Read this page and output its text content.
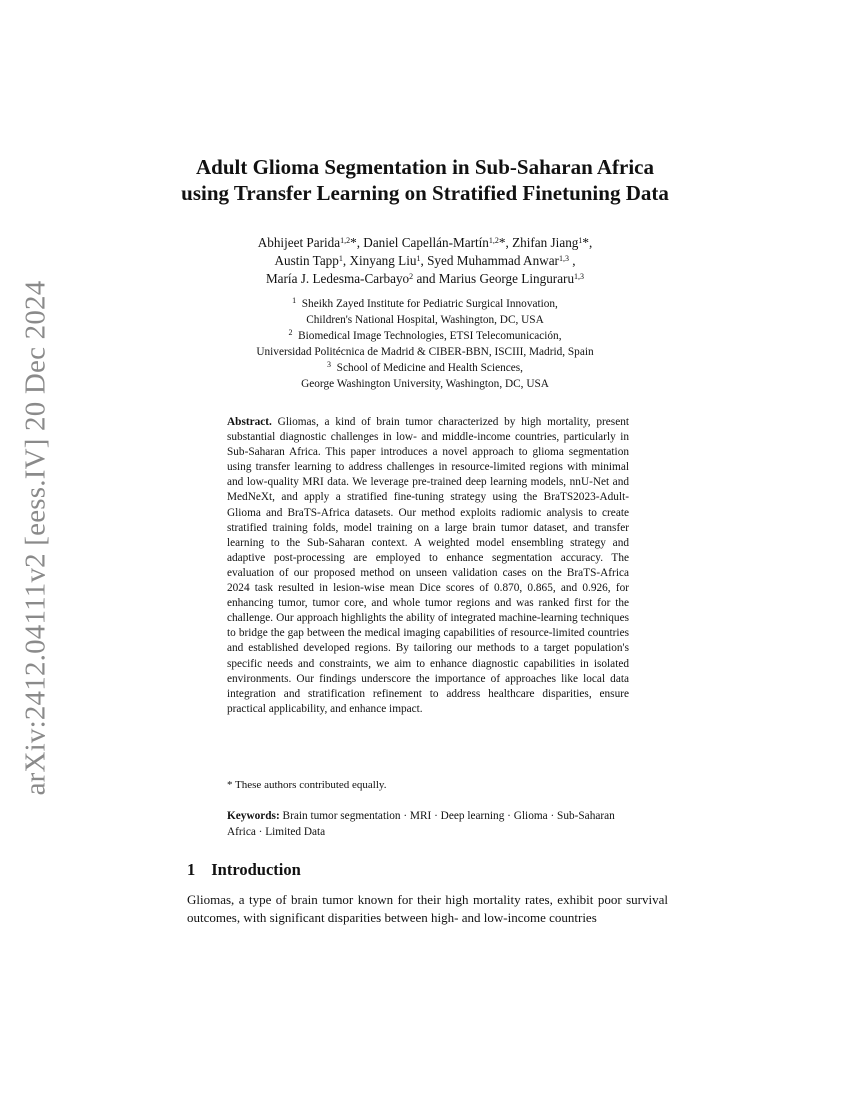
arXiv:2412.04111v2 [eess.IV] 20 Dec 2024
Adult Glioma Segmentation in Sub-Saharan Africa
using Transfer Learning on Stratified Finetuning Data
Abhijeet Parida$^{1,2}$*, Daniel Capellán-Martín$^{1,2}$*, Zhifan Jiang$^1$*,
Austin Tapp$^1$, Xinyang Liu$^1$, Syed Muhammad Anwar$^{1,3}$ ,
María J. Ledesma-Carbayo$^2$ and Marius George Linguraru$^{1,3}$
$^1$ Sheikh Zayed Institute for Pediatric Surgical Innovation,
Children's National Hospital, Washington, DC, USA
$^2$ Biomedical Image Technologies, ETSI Telecomunicación,
Universidad Politécnica de Madrid & CIBER-BBN, ISCIII, Madrid, Spain
$^3$ School of Medicine and Health Sciences,
George Washington University, Washington, DC, USA
Abstract. Gliomas, a kind of brain tumor characterized by high mortality, present substantial diagnostic challenges in low- and middle-income countries, particularly in Sub-Saharan Africa. This paper introduces a novel approach to glioma segmentation using transfer learning to address challenges in resource-limited regions with minimal and low-quality MRI data. We leverage pre-trained deep learning models, nnU-Net and MedNeXt, and apply a stratified fine-tuning strategy using the BraTS2023-Adult-Glioma and BraTS-Africa datasets. Our method exploits radiomic analysis to create stratified training folds, model training on a large brain tumor dataset, and transfer learning to the Sub-Saharan context. A weighted model ensembling strategy and adaptive post-processing are employed to enhance segmentation accuracy. The evaluation of our proposed method on unseen validation cases on the BraTS-Africa 2024 task resulted in lesion-wise mean Dice scores of 0.870, 0.865, and 0.926, for enhancing tumor, tumor core, and whole tumor regions and was ranked first for the challenge. Our approach highlights the ability of integrated machine-learning techniques to bridge the gap between the medical imaging capabilities of resource-limited countries and established developed regions. By tailoring our methods to a target population's specific needs and constraints, we aim to enhance diagnostic capabilities in isolated environments. Our findings underscore the importance of approaches like local data integration and stratification refinement to address healthcare disparities, ensure practical applicability, and enhance impact.
* These authors contributed equally.
Keywords: Brain tumor segmentation · MRI · Deep learning · Glioma · Sub-Saharan Africa · Limited Data
1 Introduction
Gliomas, a type of brain tumor known for their high mortality rates, exhibit poor survival outcomes, with significant disparities between high- and low-income countries
